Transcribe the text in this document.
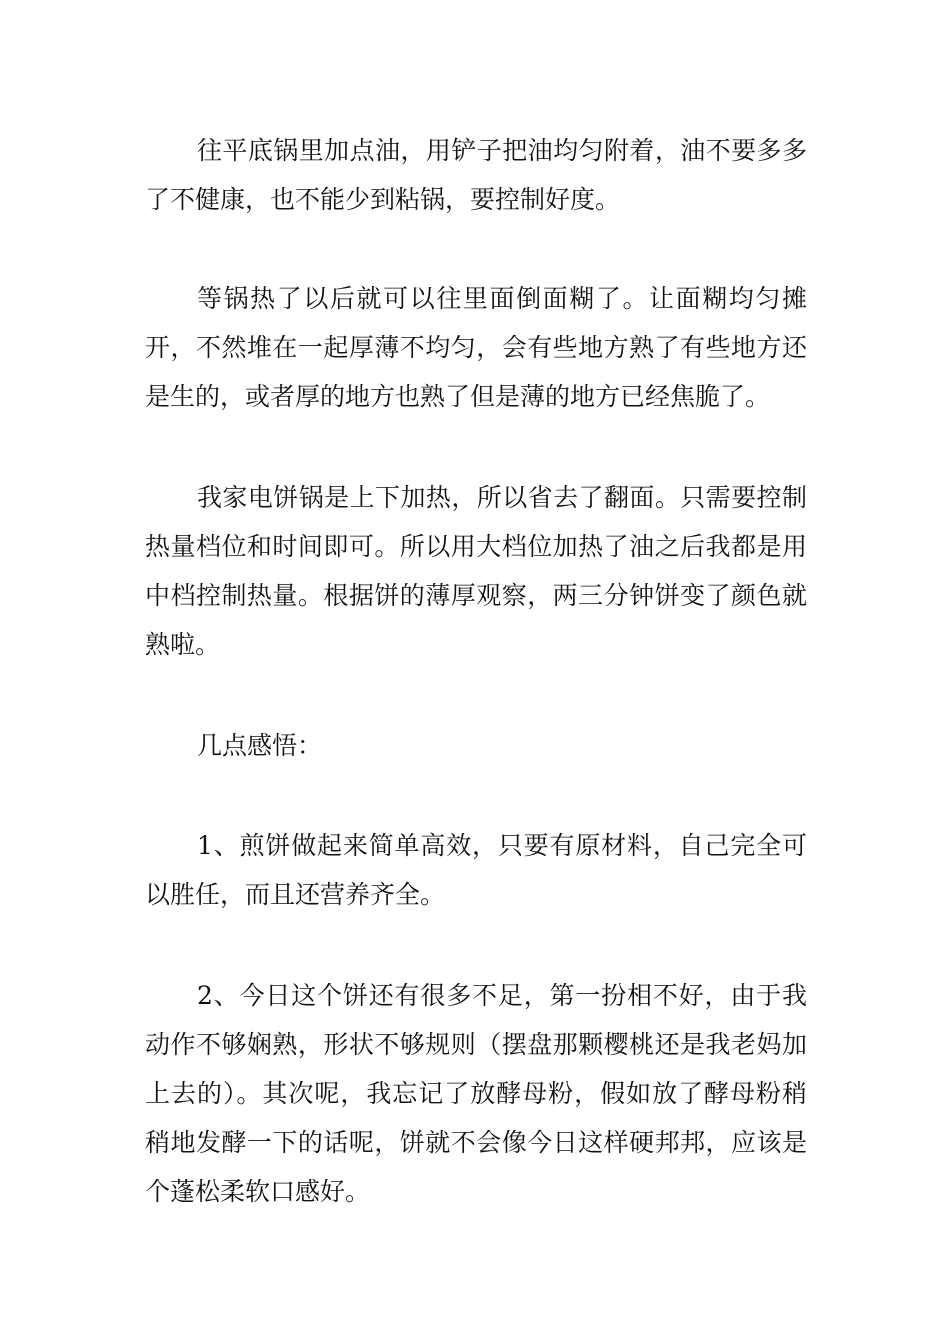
往平底锅里加点油，用铲子把油均匀附着，油不要多多了不健康，也不能少到粘锅，要控制好度。

等锅热了以后就可以往里面倒面糊了。让面糊均匀摊开，不然堆在一起厚薄不均匀，会有些地方熟了有些地方还是生的，或者厚的地方也熟了但是薄的地方已经焦脆了。

我家电饼锅是上下加热，所以省去了翻面。只需要控制热量档位和时间即可。所以用大档位加热了油之后我都是用中档控制热量。根据饼的薄厚观察，两三分钟饼变了颜色就熟啦。

几点感悟：

1、煎饼做起来简单高效，只要有原材料，自己完全可以胜任，而且还营养齐全。

2、今日这个饼还有很多不足，第一扮相不好，由于我动作不够娴熟，形状不够规则（摆盘那颗樱桃还是我老妈加上去的）。其次呢，我忘记了放酵母粉，假如放了酵母粉稍稍地发酵一下的话呢，饼就不会像今日这样硬邦邦，应该是个蓬松柔软口感好。
